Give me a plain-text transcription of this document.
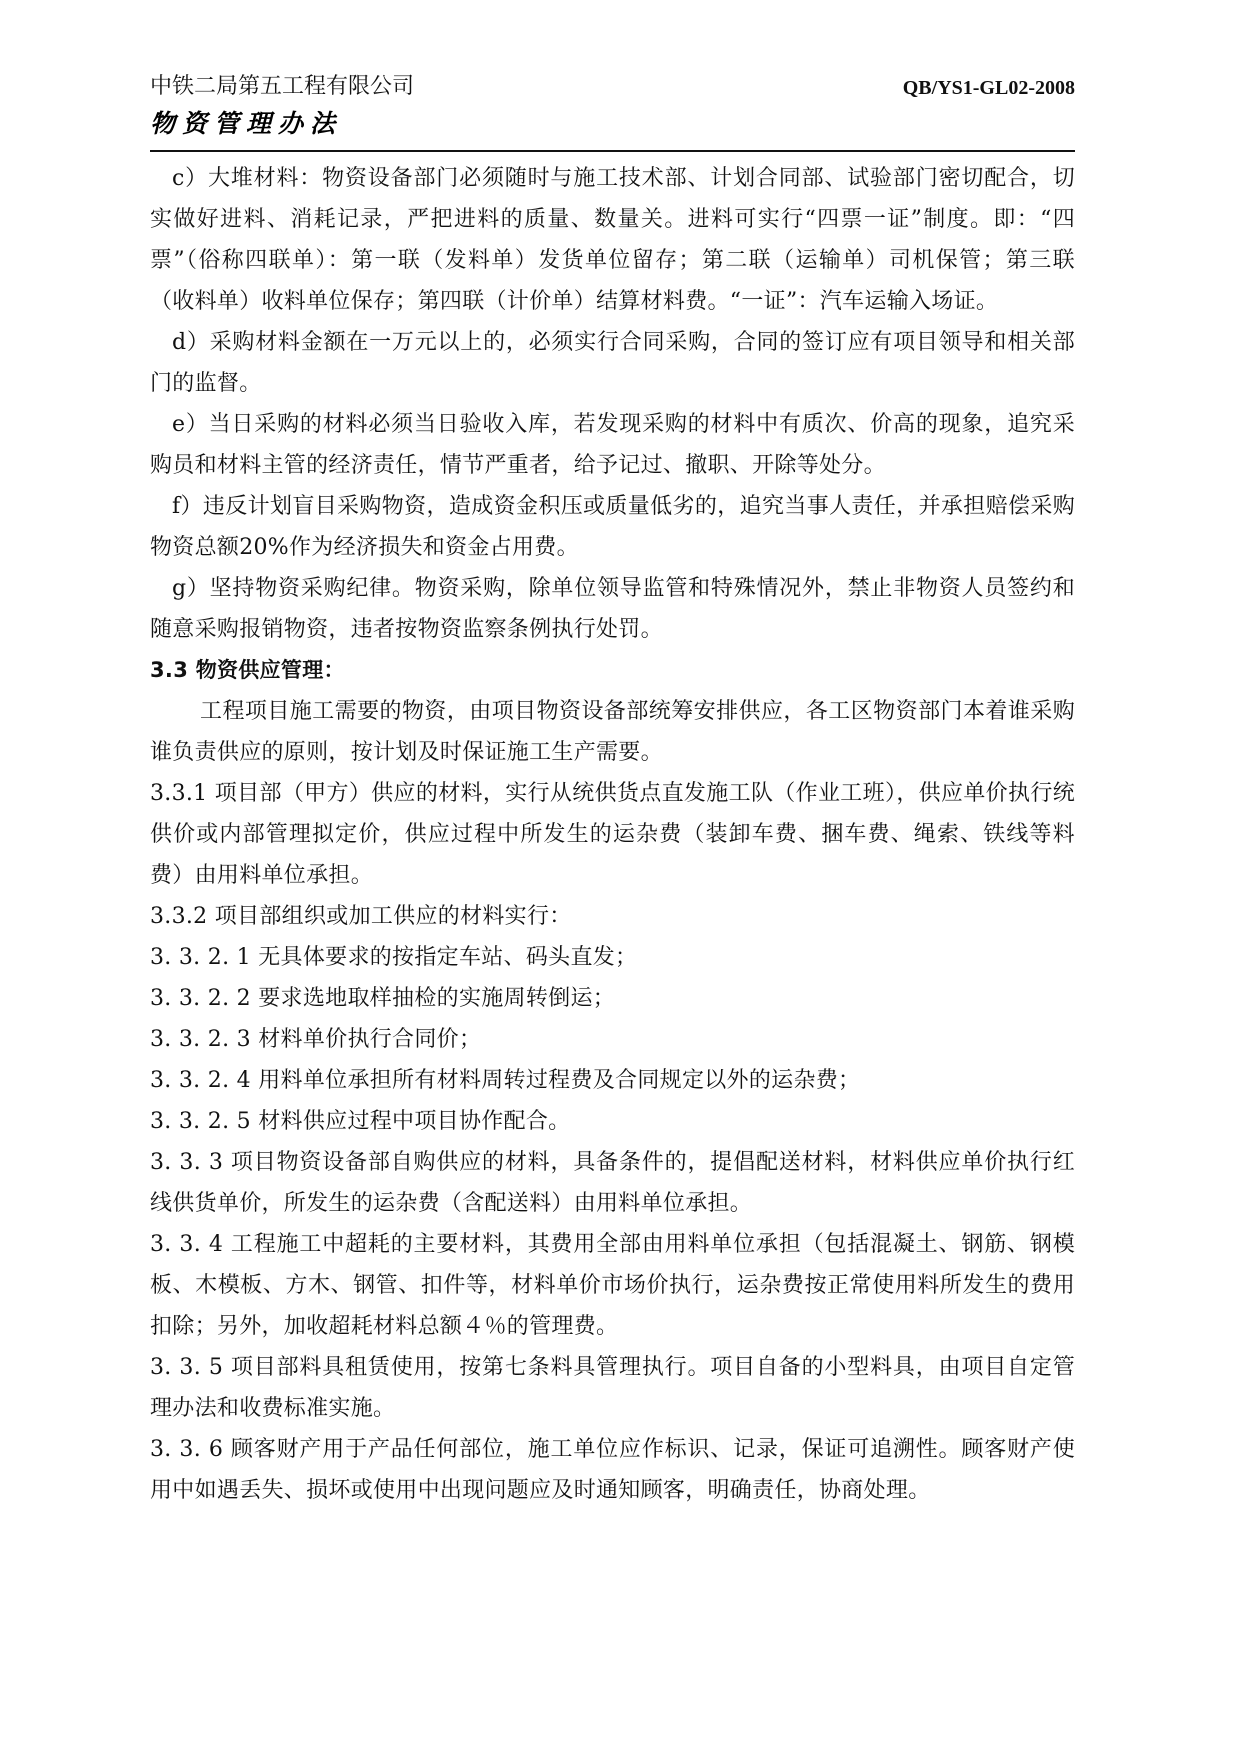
中铁二局第五工程有限公司	QB/YS1-GL02-2008
物资管理办法

c）大堆材料：物资设备部门必须随时与施工技术部、计划合同部、试验部门密切配合，切实做好进料、消耗记录，严把进料的质量、数量关。进料可实行“四票一证”制度。即：“四票”（俗称四联单）：第一联（发料单）发货单位留存；第二联（运输单）司机保管；第三联（收料单）收料单位保存；第四联（计价单）结算材料费。“一证”：汽车运输入场证。

d）采购材料金额在一万元以上的，必须实行合同采购，合同的签订应有项目领导和相关部门的监督。

e）当日采购的材料必须当日验收入库，若发现采购的材料中有质次、价高的现象，追究采购员和材料主管的经济责任，情节严重者，给予记过、撤职、开除等处分。

f）违反计划盲目采购物资，造成资金积压或质量低劣的，追究当事人责任，并承担赔偿采购物资总额20%作为经济损失和资金占用费。

g）坚持物资采购纪律。物资采购，除单位领导监管和特殊情况外，禁止非物资人员签约和随意采购报销物资，违者按物资监察条例执行处罚。

3.3 物资供应管理：

工程项目施工需要的物资，由项目物资设备部统筹安排供应，各工区物资部门本着谁采购谁负责供应的原则，按计划及时保证施工生产需要。

3.3.1 项目部（甲方）供应的材料，实行从统供货点直发施工队（作业工班），供应单价执行统供价或内部管理拟定价，供应过程中所发生的运杂费（装卸车费、捆车费、绳索、铁线等料费）由用料单位承担。

3.3.2 项目部组织或加工供应的材料实行：

3. 3. 2. 1 无具体要求的按指定车站、码头直发；

3. 3. 2. 2 要求选地取样抽检的实施周转倒运；

3. 3. 2. 3 材料单价执行合同价；

3. 3. 2. 4 用料单位承担所有材料周转过程费及合同规定以外的运杂费；

3. 3. 2. 5 材料供应过程中项目协作配合。

3. 3. 3 项目物资设备部自购供应的材料，具备条件的，提倡配送材料，材料供应单价执行红线供货单价，所发生的运杂费（含配送料）由用料单位承担。

3. 3. 4 工程施工中超耗的主要材料，其费用全部由用料单位承担（包括混凝土、钢筋、钢模板、木模板、方木、钢管、扣件等，材料单价市场价执行，运杂费按正常使用料所发生的费用扣除；另外，加收超耗材料总额４％的管理费。

3. 3. 5 项目部料具租赁使用，按第七条料具管理执行。项目自备的小型料具，由项目自定管理办法和收费标准实施。

3. 3. 6 顾客财产用于产品任何部位，施工单位应作标识、记录，保证可追溯性。顾客财产使用中如遇丢失、损坏或使用中出现问题应及时通知顾客，明确责任，协商处理。
